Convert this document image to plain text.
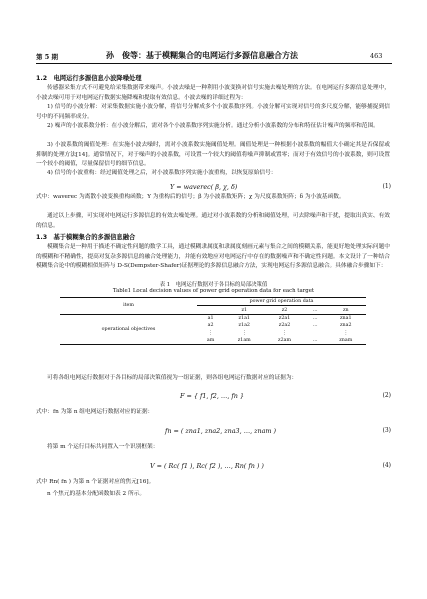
第 5 期	孙　俊等：基于模糊集合的电网运行多源信息融合方法	463
1.2　电网运行多源信息小波降噪处理
传感器采集方式不可避免给采集数据带来噪声。小波去噪是一种利用小波变换对信号实施去噪处理的方法。在电网运行多源信息处理中，小波去噪可用于对电网运行数据实施降噪和提取有效信息。小波去噪的详细过程为：
1) 信号的小波分解：对采集数据实施小波分解，将信号分解成多个小波系数序列。小波分解可实现对信号的多尺度分解，能够捕捉到信号中的不同频率成分。
2) 噪声的小波系数分析：在小波分解后，需对各个小波系数序列实施分析。通过分析小波系数的分布和特征估计噪声的频率和范围。
3) 小波系数的阈值处理：在实施小波去噪时，需对小波系数实施阈值处理。阈值处理是一种根据小波系数的幅值大小确定其是否保留或抑制的处理方法[14]。通常情况下，对于噪声的小波系数，可设置一个较大的阈值将噪声抑制或置零；而对于有效信号的小波系数，则可设置一个较小的阈值，尽量保留信号的细节信息。
4) 信号的小波重构：经过阈值处理之后，对小波系数序列实施小波重构，以恢复原始信号：
Y = waverec( β, χ, δ)	(1)
式中：waverec 为离散小波变换重构函数；Y 为重构后的信号；β 为小波系数矩阵；χ 为尺度系数矩阵；δ 为小波基函数。
通过以上步骤，可实现对电网运行多源信息的有效去噪处理。通过对小波系数的分析和阈值处理，可去除噪声和干扰，提取出真实、有效的信息。
1.3　基于模糊集合的多源信息融合
模糊集合是一种用于描述不确定性问题的数学工具，通过模糊隶属度和隶属度刻画元素与集合之间的模糊关系，能更好地处理实际问题中的模糊和不精确性，提高对复杂多源信息的融合处理能力，并能有效地应对电网运行中存在的数据噪声和不确定性问题。本文设计了一种结合模糊集合论中的模糊相似矩阵与 D-S(Dempster-Shafer)证据理论的多源信息融合方法，实现电网运行多源信息融合。具体融合步骤如下：
表 1　电网运行数据对于各目标的局部决策值
Table1 Local decision values of power grid operation data for each target
item	power grid operation data				
		z1	z2	…	zn
operational objectives	a1	z1a1	z2a1	…	zna1
	a2	z1a2	z2a2	…	zna2
	⋮	⋮	⋮		⋮
	am	z1am	z2am	…	znam
可将各组电网运行数据对于各目标的局部决策值视为一组证据，则各组电网运行数据对应的证据为：
F = { f1, f2, …, fn }	(2)
式中：fn 为第 n 组电网运行数据对应的证据：
fn = ( zna1, zna2, zna3, …, znam )	(3)
将第 m 个运行目标共同置入一个识别框架：
V = ( Rc( f1 ), Rc( f2 ), …, Rn( fn ) )	(4)
式中 Rn( fn ) 为第 n 个证据对应的焦元[16]。
n 个焦元的基本分配函数如表 2 所示。
